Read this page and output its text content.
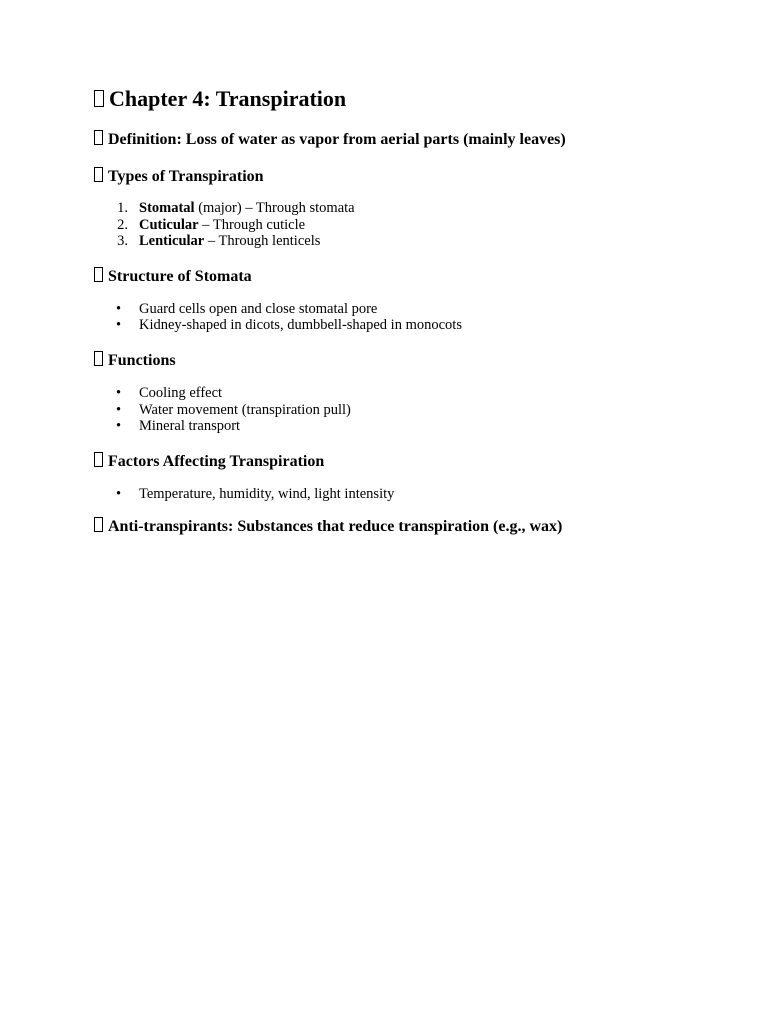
Chapter 4: Transpiration
Definition: Loss of water as vapor from aerial parts (mainly leaves)
Types of Transpiration
1. Stomatal (major) – Through stomata
2. Cuticular – Through cuticle
3. Lenticular – Through lenticels
Structure of Stomata
• Guard cells open and close stomatal pore
• Kidney-shaped in dicots, dumbbell-shaped in monocots
Functions
• Cooling effect
• Water movement (transpiration pull)
• Mineral transport
Factors Affecting Transpiration
• Temperature, humidity, wind, light intensity
Anti-transpirants: Substances that reduce transpiration (e.g., wax)
